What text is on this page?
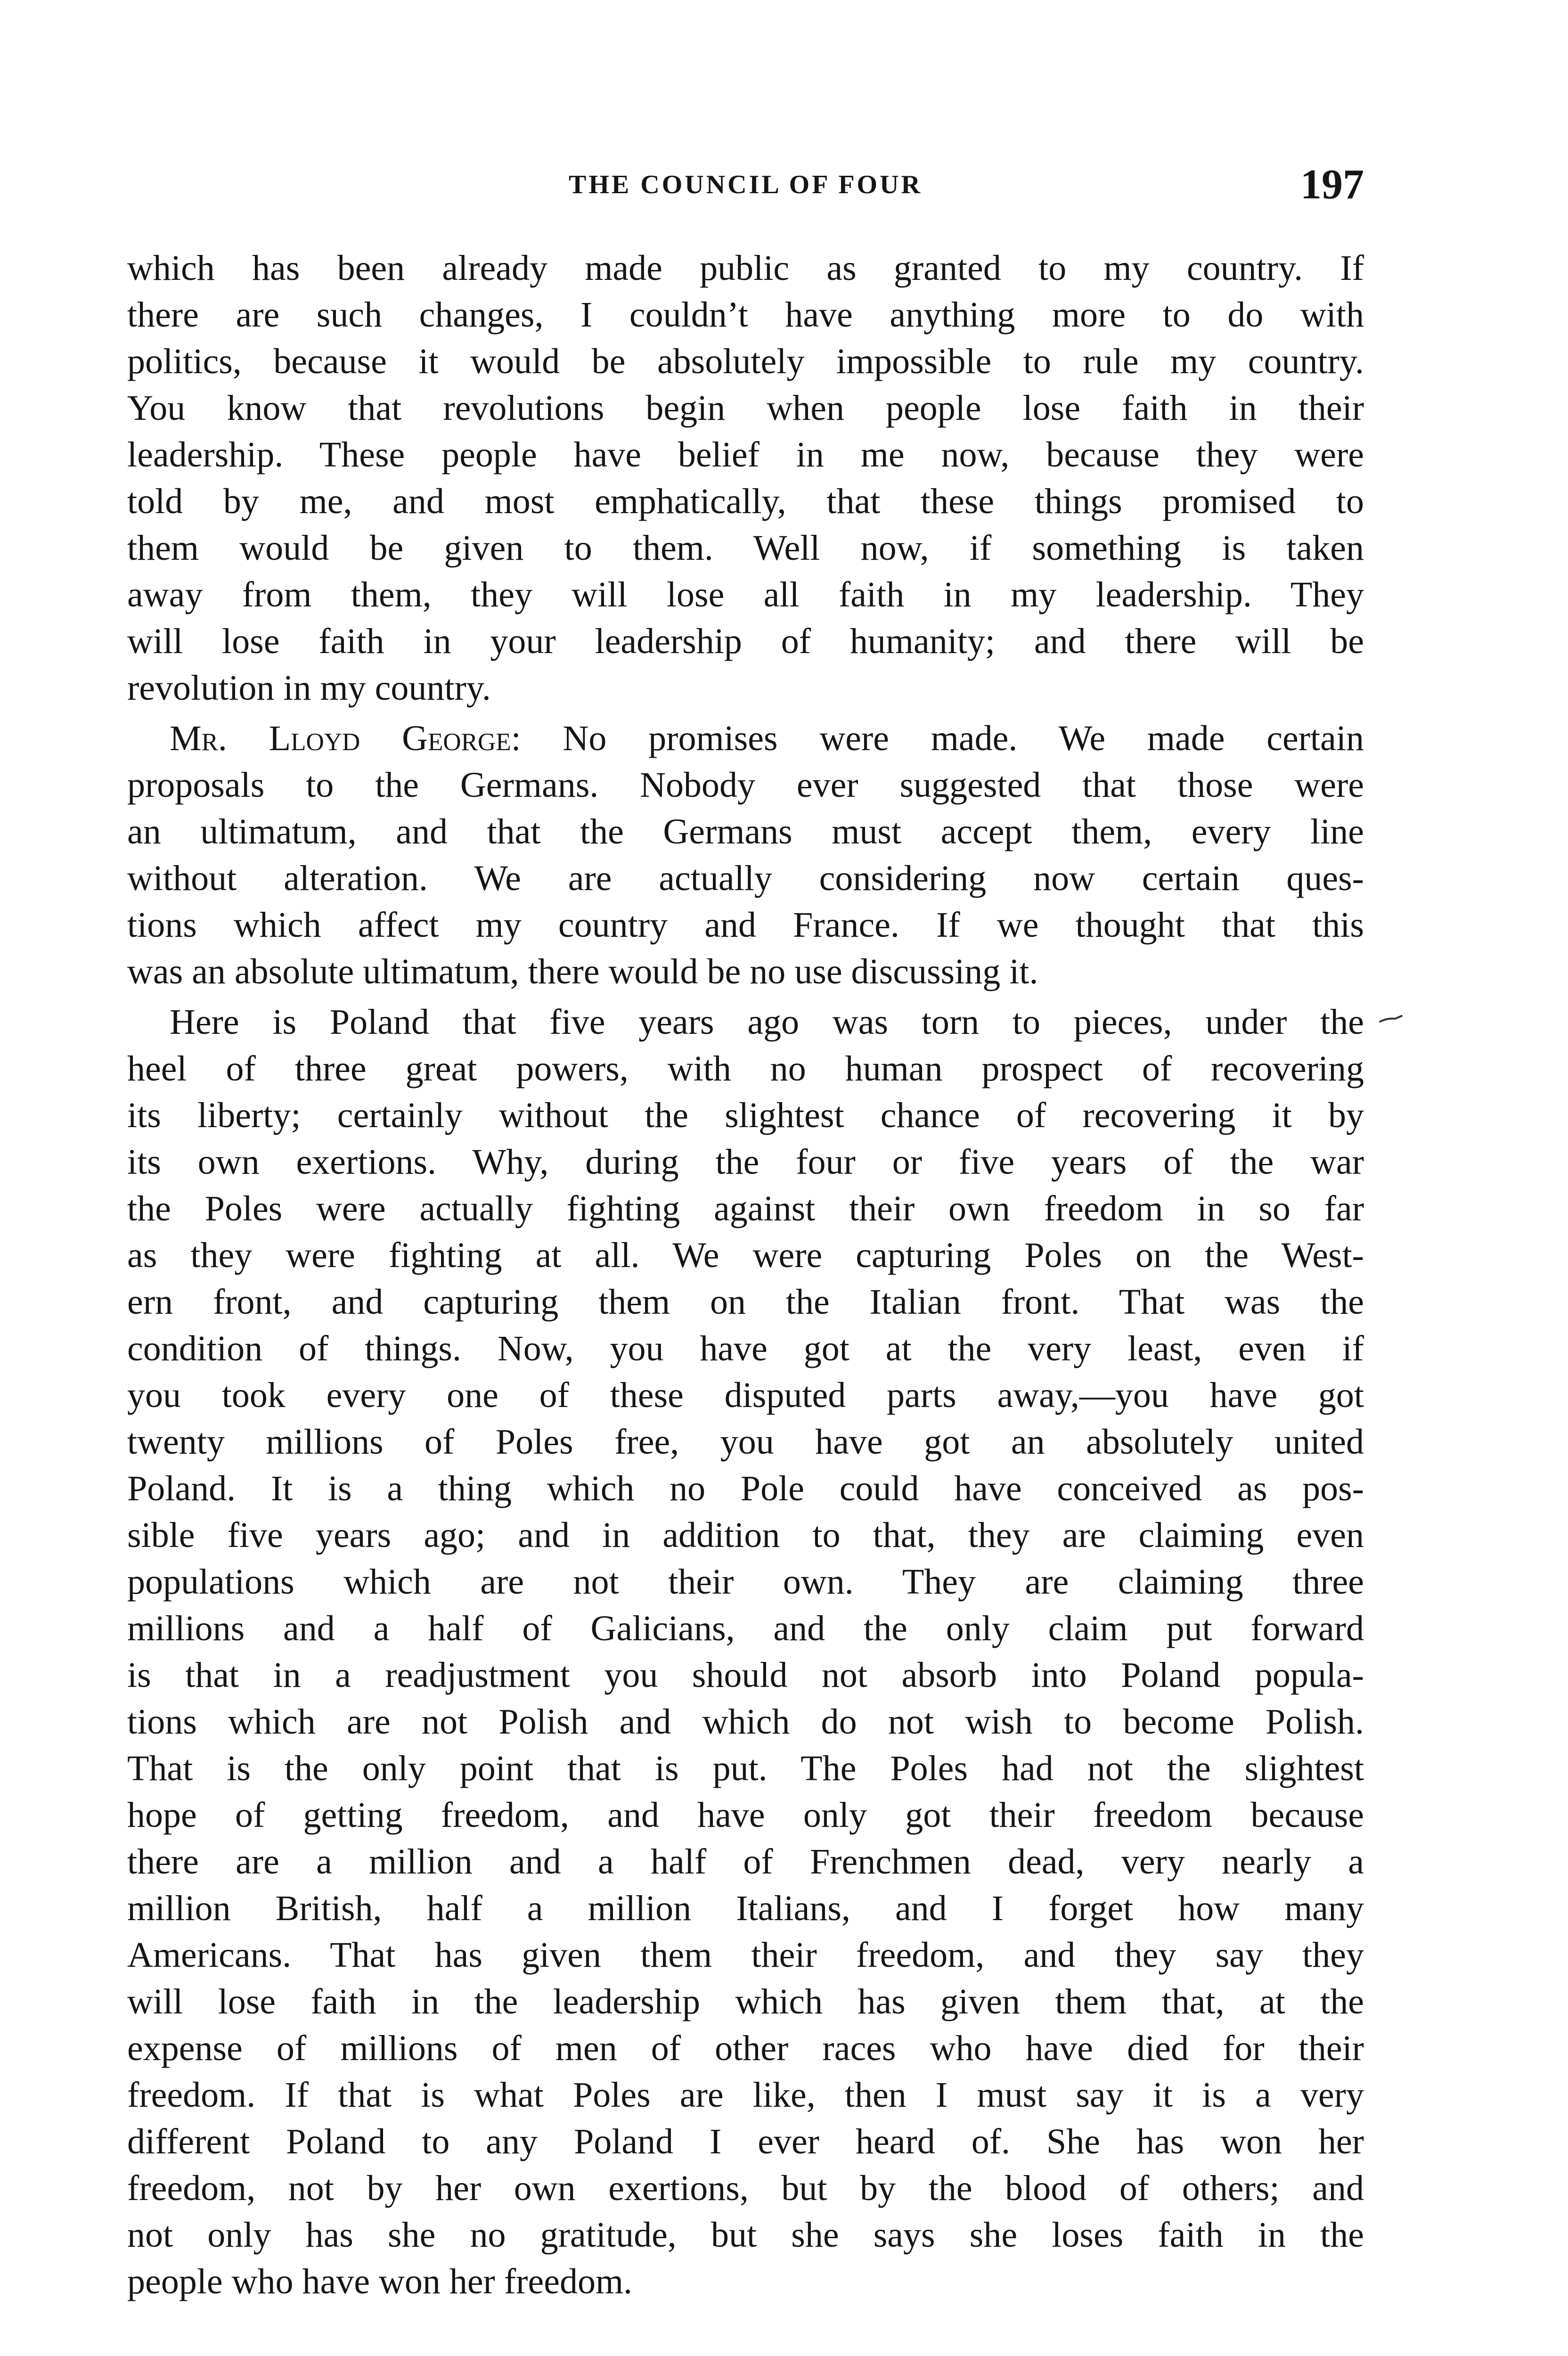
THE COUNCIL OF FOUR	197
which has been already made public as granted to my country. If
there are such changes, I couldn’t have anything more to do with
politics, because it would be absolutely impossible to rule my country.
You know that revolutions begin when people lose faith in their
leadership. These people have belief in me now, because they were
told by me, and most emphatically, that these things promised to
them would be given to them. Well now, if something is taken
away from them, they will lose all faith in my leadership. They
will lose faith in your leadership of humanity; and there will be
revolution in my country.
Mr. Lloyd George: No promises were made. We made certain
proposals to the Germans. Nobody ever suggested that those were
an ultimatum, and that the Germans must accept them, every line
without alteration. We are actually considering now certain ques-
tions which affect my country and France. If we thought that this
was an absolute ultimatum, there would be no use discussing it.
Here is Poland that five years ago was torn to pieces, under the
heel of three great powers, with no human prospect of recovering
its liberty; certainly without the slightest chance of recovering it by
its own exertions. Why, during the four or five years of the war
the Poles were actually fighting against their own freedom in so far
as they were fighting at all. We were capturing Poles on the West-
ern front, and capturing them on the Italian front. That was the
condition of things. Now, you have got at the very least, even if
you took every one of these disputed parts away,—you have got
twenty millions of Poles free, you have got an absolutely united
Poland. It is a thing which no Pole could have conceived as pos-
sible five years ago; and in addition to that, they are claiming even
populations which are not their own. They are claiming three
millions and a half of Galicians, and the only claim put forward
is that in a readjustment you should not absorb into Poland popula-
tions which are not Polish and which do not wish to become Polish.
That is the only point that is put. The Poles had not the slightest
hope of getting freedom, and have only got their freedom because
there are a million and a half of Frenchmen dead, very nearly a
million British, half a million Italians, and I forget how many
Americans. That has given them their freedom, and they say they
will lose faith in the leadership which has given them that, at the
expense of millions of men of other races who have died for their
freedom. If that is what Poles are like, then I must say it is a very
different Poland to any Poland I ever heard of. She has won her
freedom, not by her own exertions, but by the blood of others; and
not only has she no gratitude, but she says she loses faith in the
people who have won her freedom.
